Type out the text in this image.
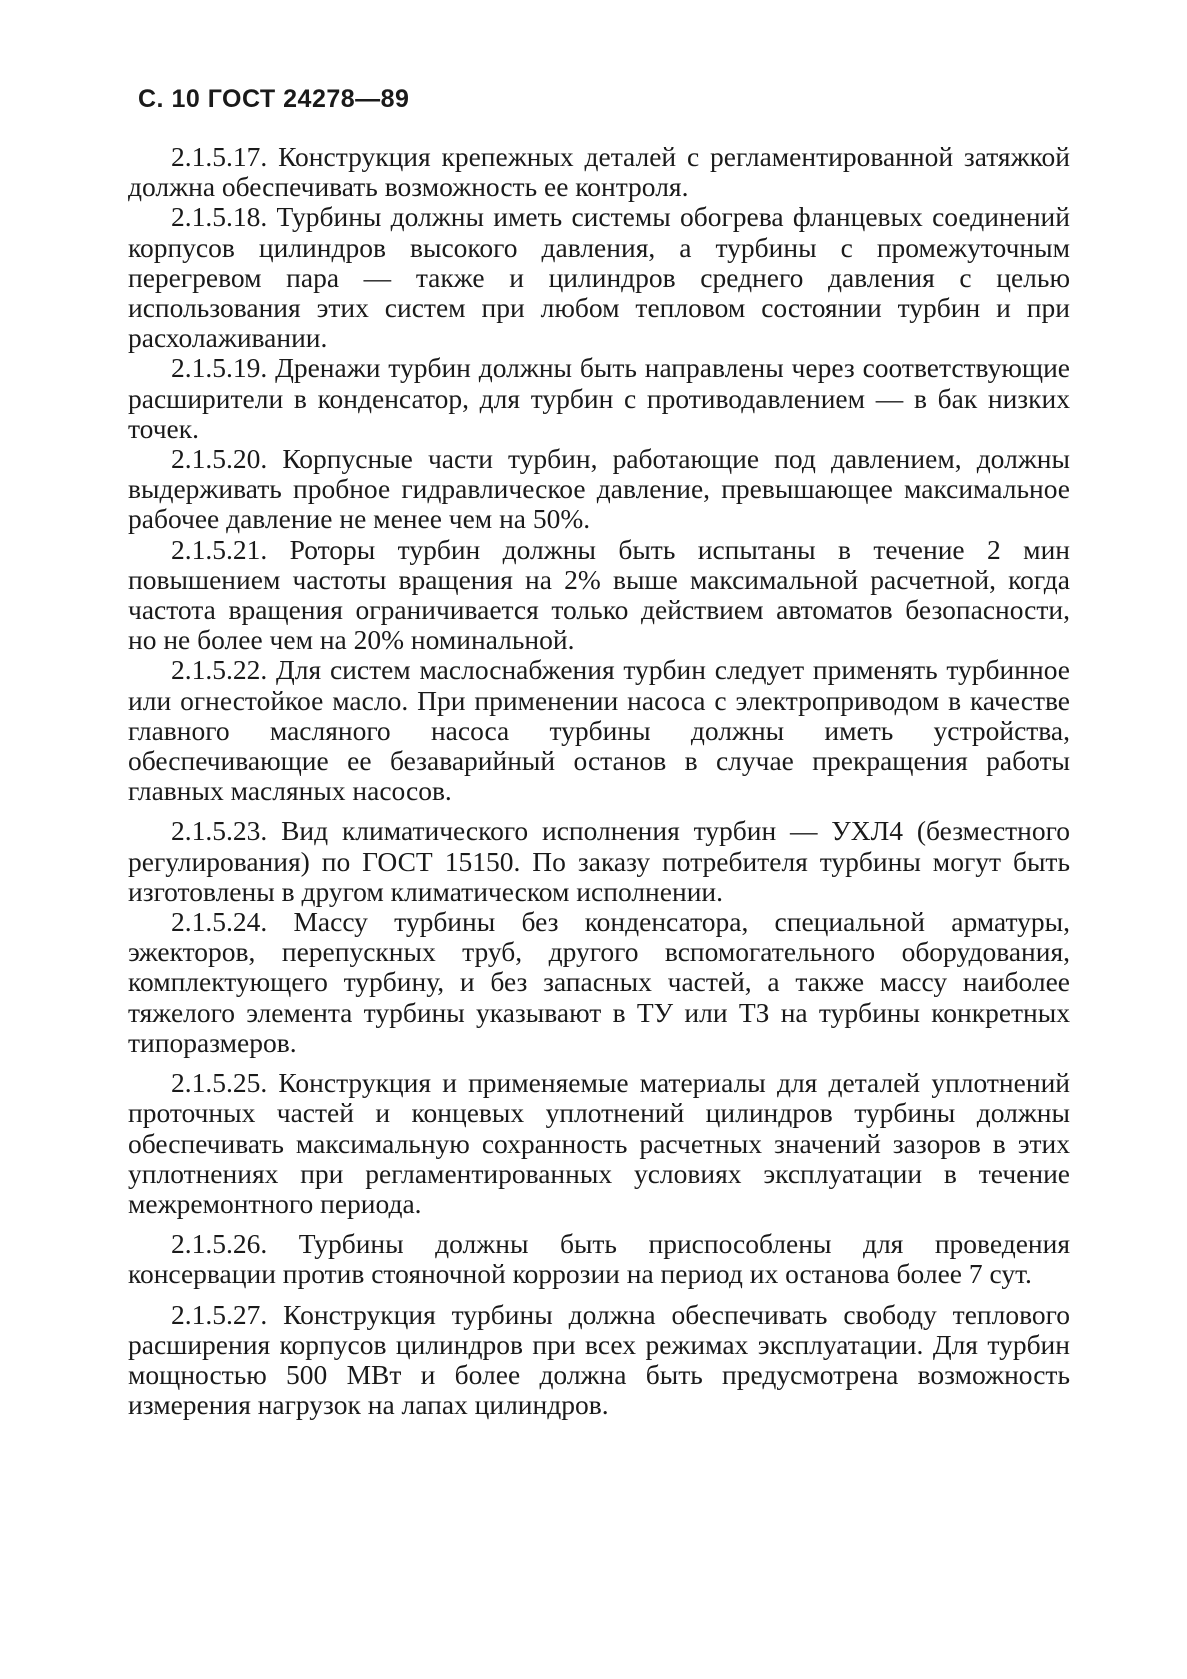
С. 10 ГОСТ 24278—89

2.1.5.17. Конструкция крепежных деталей с регламентированной затяжкой должна обеспечивать возможность ее контроля.

2.1.5.18. Турбины должны иметь системы обогрева фланцевых соединений корпусов цилиндров высокого давления, а турбины с промежуточным перегревом пара — также и цилиндров среднего давления с целью использования этих систем при любом тепловом состоянии турбин и при расхолаживании.

2.1.5.19. Дренажи турбин должны быть направлены через соответствующие расширители в конденсатор, для турбин с противодавлением — в бак низких точек.

2.1.5.20. Корпусные части турбин, работающие под давлением, должны выдерживать пробное гидравлическое давление, превышающее максимальное рабочее давление не менее чем на 50%.

2.1.5.21. Роторы турбин должны быть испытаны в течение 2 мин повышением частоты вращения на 2% выше максимальной расчетной, когда частота вращения ограничивается только действием автоматов безопасности, но не более чем на 20% номинальной.

2.1.5.22. Для систем маслоснабжения турбин следует применять турбинное или огнестойкое масло. При применении насоса с электроприводом в качестве главного масляного насоса турбины должны иметь устройства, обеспечивающие ее безаварийный останов в случае прекращения работы главных масляных насосов.

2.1.5.23. Вид климатического исполнения турбин — УХЛ4 (безместного регулирования) по ГОСТ 15150. По заказу потребителя турбины могут быть изготовлены в другом климатическом исполнении.

2.1.5.24. Массу турбины без конденсатора, специальной арматуры, эжекторов, перепускных труб, другого вспомогательного оборудования, комплектующего турбину, и без запасных частей, а также массу наиболее тяжелого элемента турбины указывают в ТУ или ТЗ на турбины конкретных типоразмеров.

2.1.5.25. Конструкция и применяемые материалы для деталей уплотнений проточных частей и концевых уплотнений цилиндров турбины должны обеспечивать максимальную сохранность расчетных значений зазоров в этих уплотнениях при регламентированных условиях эксплуатации в течение межремонтного периода.

2.1.5.26. Турбины должны быть приспособлены для проведения консервации против стояночной коррозии на период их останова более 7 сут.

2.1.5.27. Конструкция турбины должна обеспечивать свободу теплового расширения корпусов цилиндров при всех режимах эксплуатации. Для турбин мощностью 500 МВт и более должна быть предусмотрена возможность измерения нагрузок на лапах цилиндров.
